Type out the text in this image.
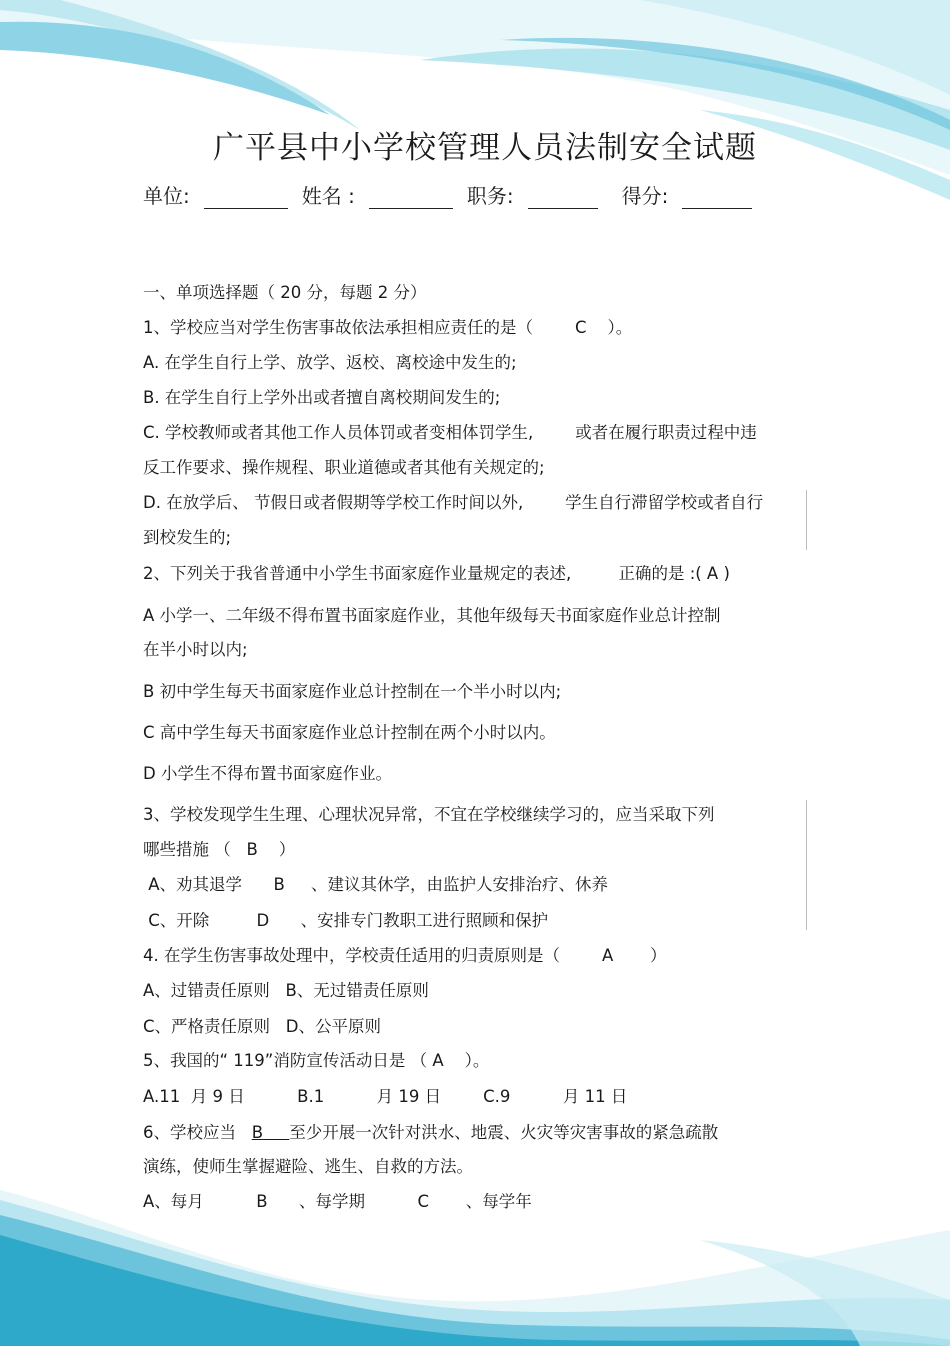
广平县中小学校管理人员法制安全试题
单位:	姓名 :	职务:	得分:
一、单项选择题（ 20 分，每题 2 分）
1、学校应当对学生伤害事故依法承担相应责任的是（        C    ）。
A. 在学生自行上学、放学、返校、离校途中发生的;
B. 在学生自行上学外出或者擅自离校期间发生的;
C. 学校教师或者其他工作人员体罚或者变相体罚学生,        或者在履行职责过程中违
反工作要求、操作规程、职业道德或者其他有关规定的;
D. 在放学后、 节假日或者假期等学校工作时间以外,        学生自行滞留学校或者自行
到校发生的;
2、下列关于我省普通中小学生书面家庭作业量规定的表述,         正确的是 :( A )
A 小学一、二年级不得布置书面家庭作业，其他年级每天书面家庭作业总计控制
在半小时以内;
B 初中学生每天书面家庭作业总计控制在一个半小时以内;
C 高中学生每天书面家庭作业总计控制在两个小时以内。
D 小学生不得布置书面家庭作业。
3、学校发现学生生理、心理状况异常，不宜在学校继续学习的，应当采取下列
哪些措施 （   B    ）
A、劝其退学      B     、建议其休学，由监护人安排治疗、休养
C、开除         D      、安排专门教职工进行照顾和保护
4. 在学生伤害事故处理中，学校责任适用的归责原则是（        A       ）
A、过错责任原则   B、无过错责任原则
C、严格责任原则   D、公平原则
5、我国的“ 119”消防宣传活动日是 （ A    ）。
A.11  月 9 日          B.1          月 19 日        C.9          月 11 日
6、学校应当   B 至少开展一次针对洪水、地震、火灾等灾害事故的紧急疏散
演练，使师生掌握避险、逃生、自救的方法。
A、每月          B      、每学期          C       、每学年
